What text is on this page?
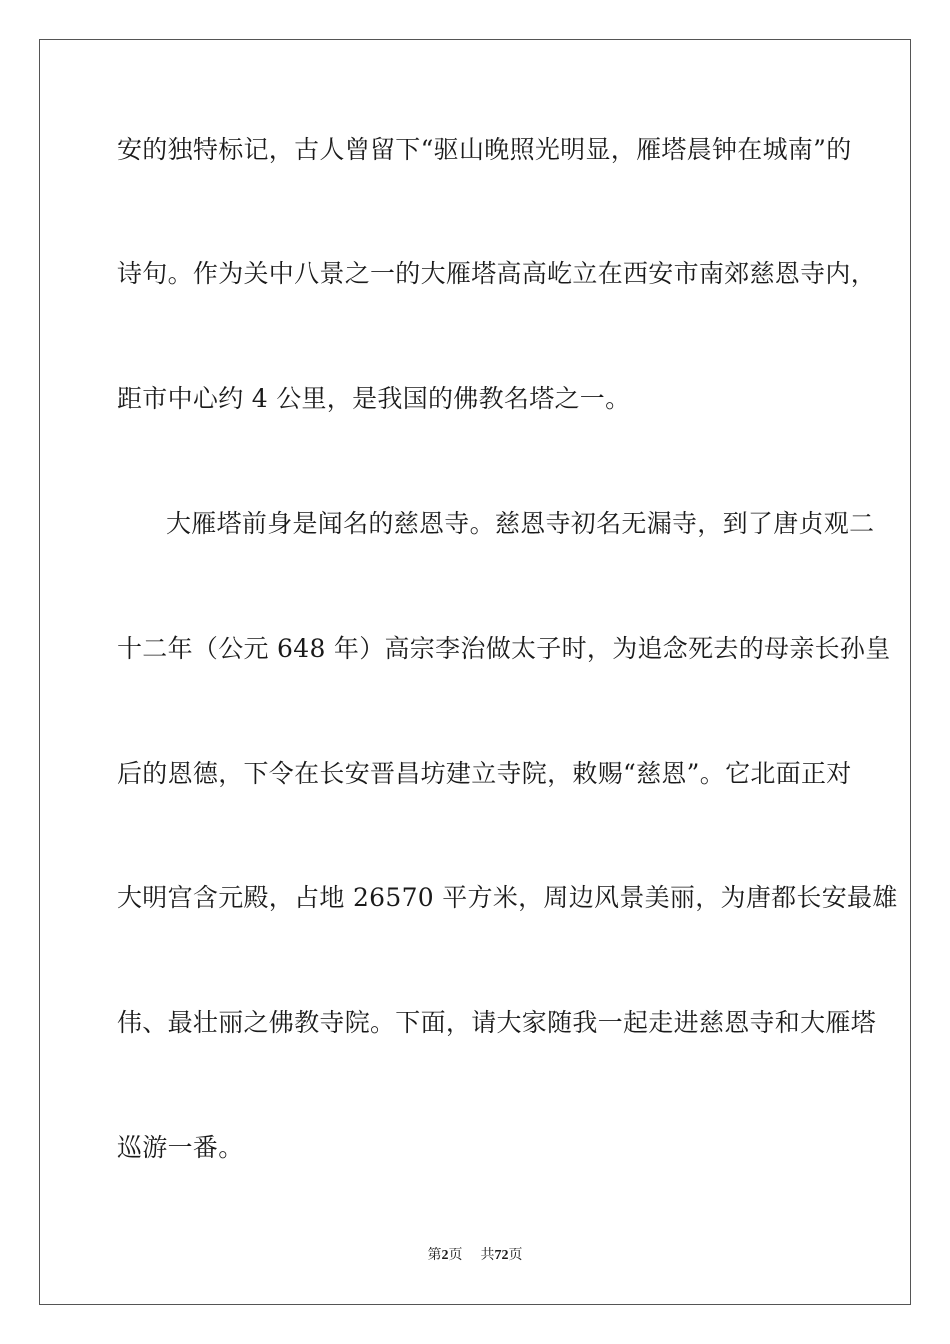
安的独特标记，古人曾留下“驱山晚照光明显，雁塔晨钟在城南”的
诗句。作为关中八景之一的大雁塔高高屹立在西安市南郊慈恩寺内，
距市中心约 4 公里，是我国的佛教名塔之一。
大雁塔前身是闻名的慈恩寺。慈恩寺初名无漏寺，到了唐贞观二
十二年（公元 648 年）高宗李治做太子时，为追念死去的母亲长孙皇
后的恩德，下令在长安晋昌坊建立寺院，敕赐“慈恩”。它北面正对
大明宫含元殿，占地 26570 平方米，周边风景美丽，为唐都长安最雄
伟、最壮丽之佛教寺院。下面，请大家随我一起走进慈恩寺和大雁塔
巡游一番。
第2页 共72页
